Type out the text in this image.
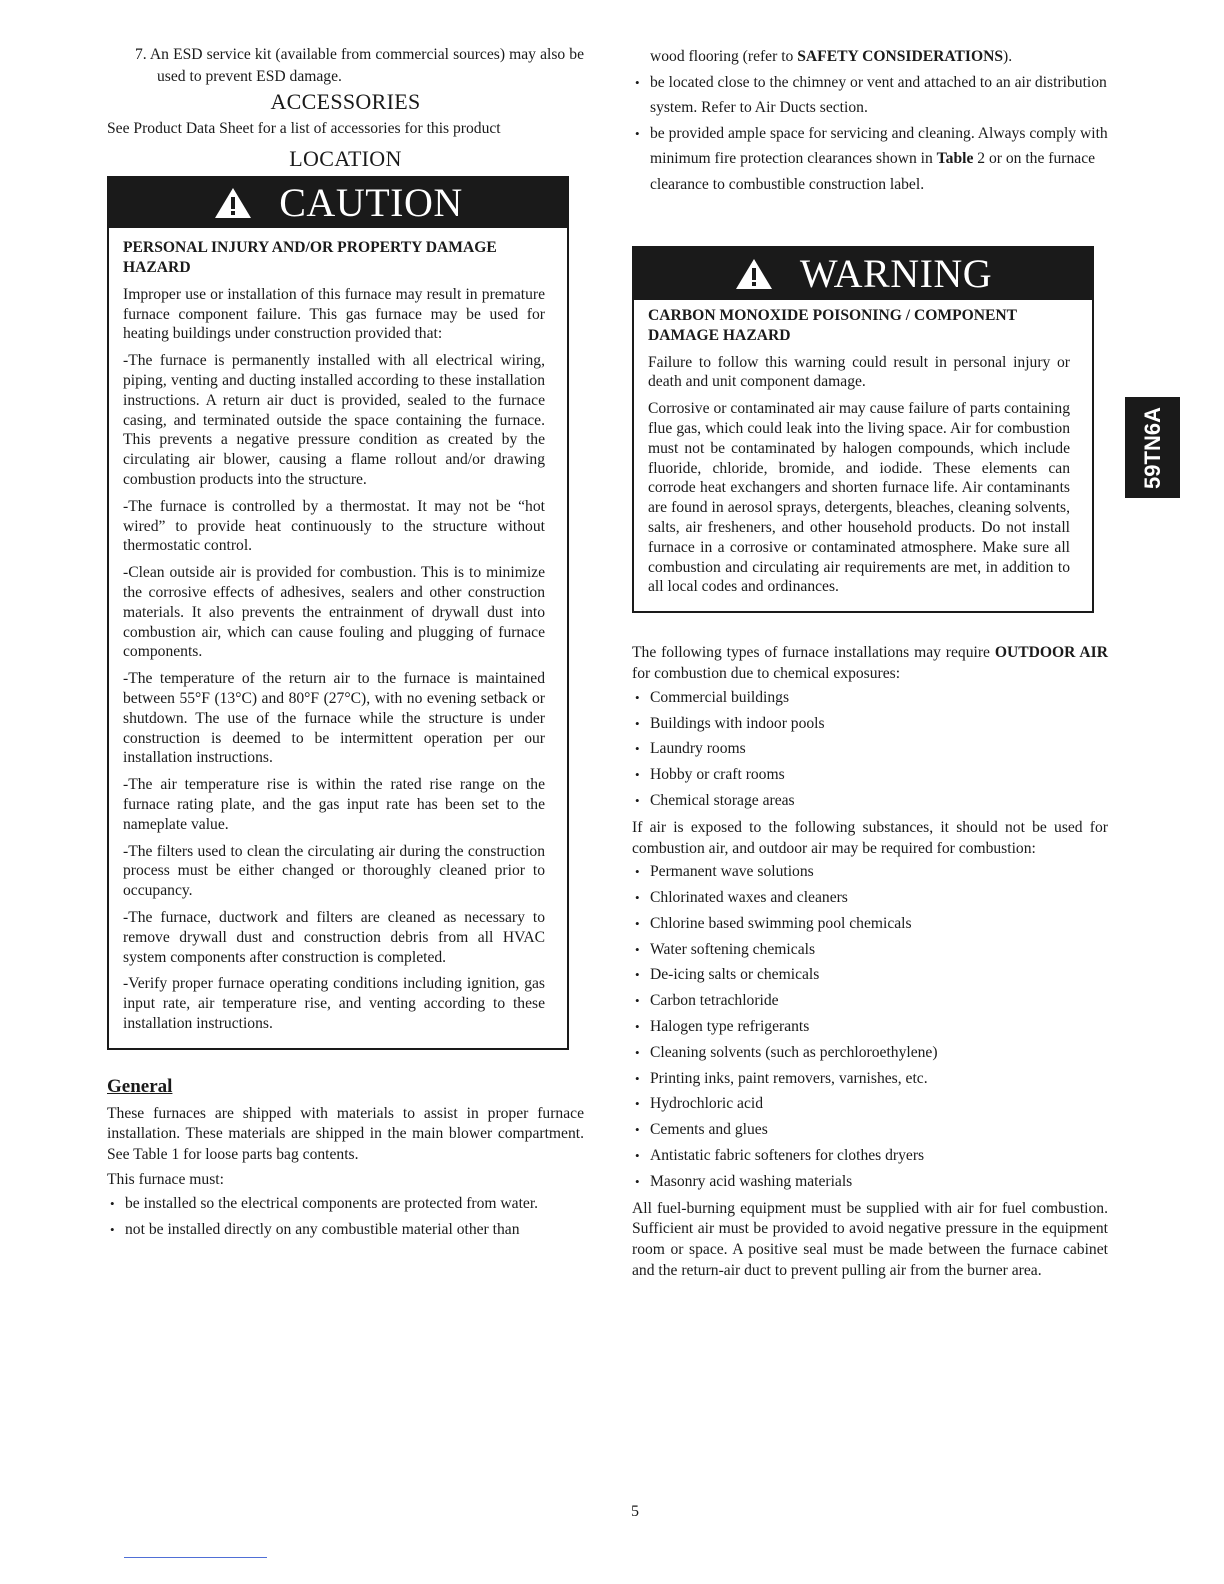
7. An ESD service kit (available from commercial sources) may also be used to prevent ESD damage.

ACCESSORIES

See Product Data Sheet for a list of accessories for this product

LOCATION
CAUTION

PERSONAL INJURY AND/OR PROPERTY DAMAGE HAZARD

Improper use or installation of this furnace may result in premature furnace component failure. This gas furnace may be used for heating buildings under construction provided that:

-The furnace is permanently installed with all electrical wiring, piping, venting and ducting installed according to these installation instructions. A return air duct is provided, sealed to the furnace casing, and terminated outside the space containing the furnace. This prevents a negative pressure condition as created by the circulating air blower, causing a flame rollout and/or drawing combustion products into the structure.

-The furnace is controlled by a thermostat. It may not be “hot wired” to provide heat continuously to the structure without thermostatic control.

-Clean outside air is provided for combustion. This is to minimize the corrosive effects of adhesives, sealers and other construction materials. It also prevents the entrainment of drywall dust into combustion air, which can cause fouling and plugging of furnace components.

-The temperature of the return air to the furnace is maintained between 55°F (13°C) and 80°F (27°C), with no evening setback or shutdown. The use of the furnace while the structure is under construction is deemed to be intermittent operation per our installation instructions.

-The air temperature rise is within the rated rise range on the furnace rating plate, and the gas input rate has been set to the nameplate value.

-The filters used to clean the circulating air during the construction process must be either changed or thoroughly cleaned prior to occupancy.

-The furnace, ductwork and filters are cleaned as necessary to remove drywall dust and construction debris from all HVAC system components after construction is completed.

-Verify proper furnace operating conditions including ignition, gas input rate, air temperature rise, and venting according to these installation instructions.

General

These furnaces are shipped with materials to assist in proper furnace installation. These materials are shipped in the main blower compartment. See Table 1 for loose parts bag contents.

This furnace must:

• be installed so the electrical components are protected from water.
• not be installed directly on any combustible material other than

wood flooring (refer to SAFETY CONSIDERATIONS).

• be located close to the chimney or vent and attached to an air distribution system. Refer to Air Ducts section.
• be provided ample space for servicing and cleaning. Always comply with minimum fire protection clearances shown in Table 2 or on the furnace clearance to combustible construction label.
WARNING

CARBON MONOXIDE POISONING / COMPONENT DAMAGE HAZARD

Failure to follow this warning could result in personal injury or death and unit component damage.

Corrosive or contaminated air may cause failure of parts containing flue gas, which could leak into the living space. Air for combustion must not be contaminated by halogen compounds, which include fluoride, chloride, bromide, and iodide. These elements can corrode heat exchangers and shorten furnace life. Air contaminants are found in aerosol sprays, detergents, bleaches, cleaning solvents, salts, air fresheners, and other household products. Do not install furnace in a corrosive or contaminated atmosphere. Make sure all combustion and circulating air requirements are met, in addition to all local codes and ordinances.

The following types of furnace installations may require OUTDOOR AIR for combustion due to chemical exposures:

• Commercial buildings
• Buildings with indoor pools
• Laundry rooms
• Hobby or craft rooms
• Chemical storage areas

If air is exposed to the following substances, it should not be used for combustion air, and outdoor air may be required for combustion:

• Permanent wave solutions
• Chlorinated waxes and cleaners
• Chlorine based swimming pool chemicals
• Water softening chemicals
• De-icing salts or chemicals
• Carbon tetrachloride
• Halogen type refrigerants
• Cleaning solvents (such as perchloroethylene)
• Printing inks, paint removers, varnishes, etc.
• Hydrochloric acid
• Cements and glues
• Antistatic fabric softeners for clothes dryers
• Masonry acid washing materials

All fuel-burning equipment must be supplied with air for fuel combustion. Sufficient air must be provided to avoid negative pressure in the equipment room or space. A positive seal must be made between the furnace cabinet and the return-air duct to prevent pulling air from the burner area.

59TN6A
5
